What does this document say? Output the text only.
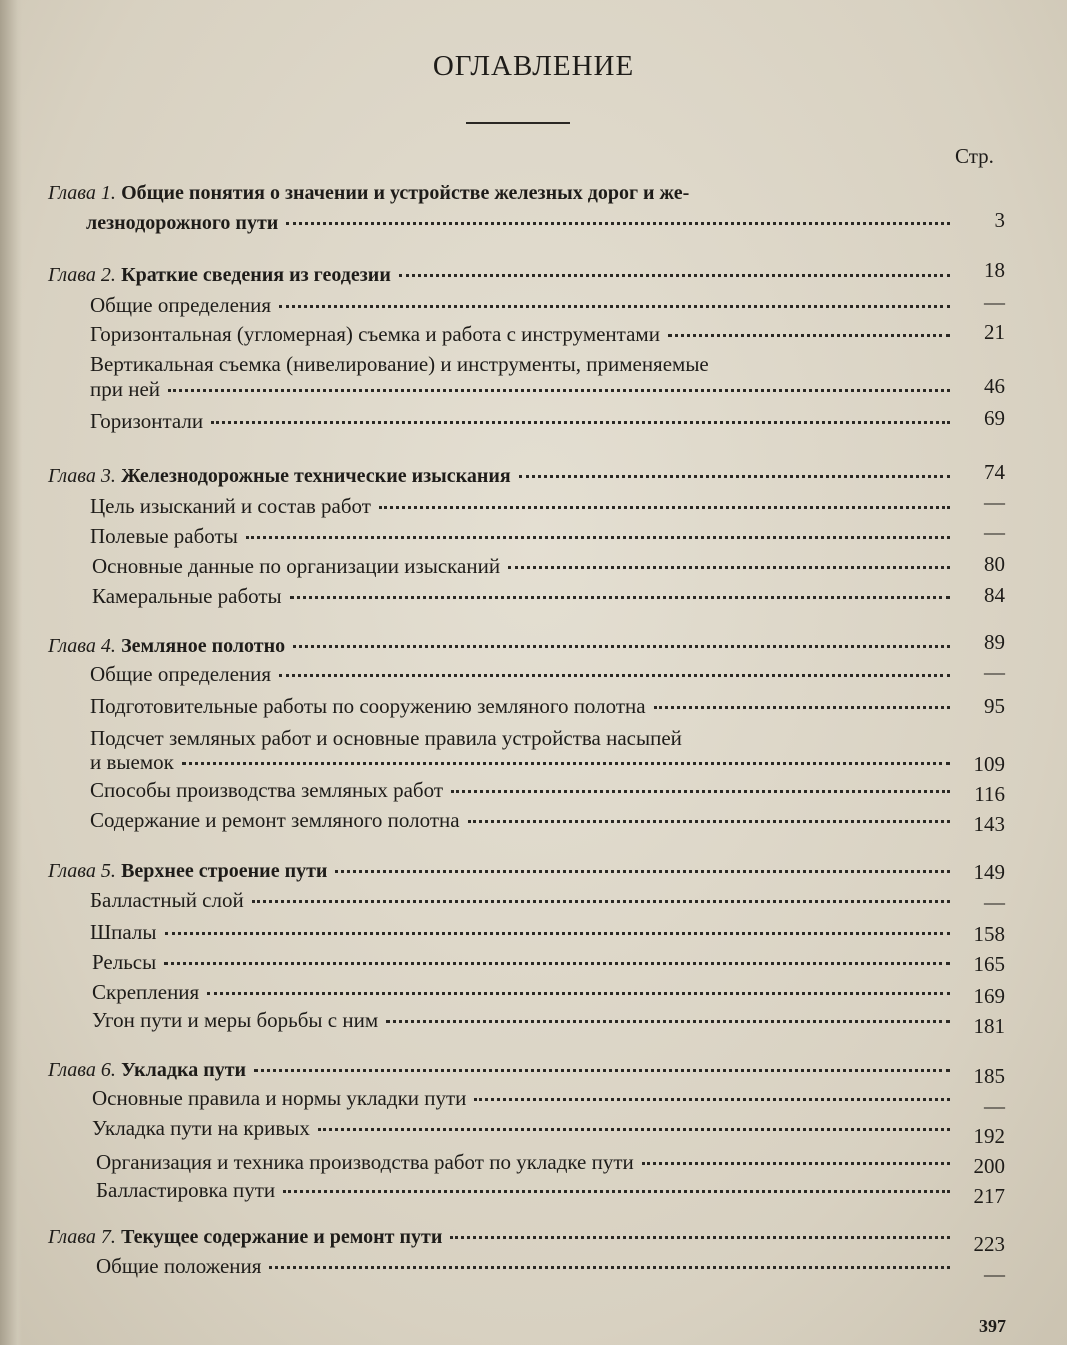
ОГЛАВЛЕНИЕ
Стр.
Глава 1. Общие понятия о значении и устройстве железных дорог и же-
лезнодорожного пути	3
Глава 2. Краткие сведения из геодезии	18
Общие определения	—
Горизонтальная (угломерная) съемка и работа с инструментами	21
Вертикальная съемка (нивелирование) и инструменты, применяемые
при ней	46
Горизонтали	69
Глава 3. Железнодорожные технические изыскания	74
Цель изысканий и состав работ	—
Полевые работы	—
Основные данные по организации изысканий	80
Камеральные работы	84
Глава 4. Земляное полотно	89
Общие определения	—
Подготовительные работы по сооружению земляного полотна	95
Подсчет земляных работ и основные правила устройства насыпей
и выемок	109
Способы производства земляных работ	116
Содержание и ремонт земляного полотна	143
Глава 5. Верхнее строение пути	149
Балластный слой	—
Шпалы	158
Рельсы	165
Скрепления	169
Угон пути и меры борьбы с ним	181
Глава 6. Укладка пути	185
Основные правила и нормы укладки пути	—
Укладка пути на кривых	192
Организация и техника производства работ по укладке пути	200
Балластировка пути	217
Глава 7. Текущее содержание и ремонт пути	223
Общие положения	—
397
